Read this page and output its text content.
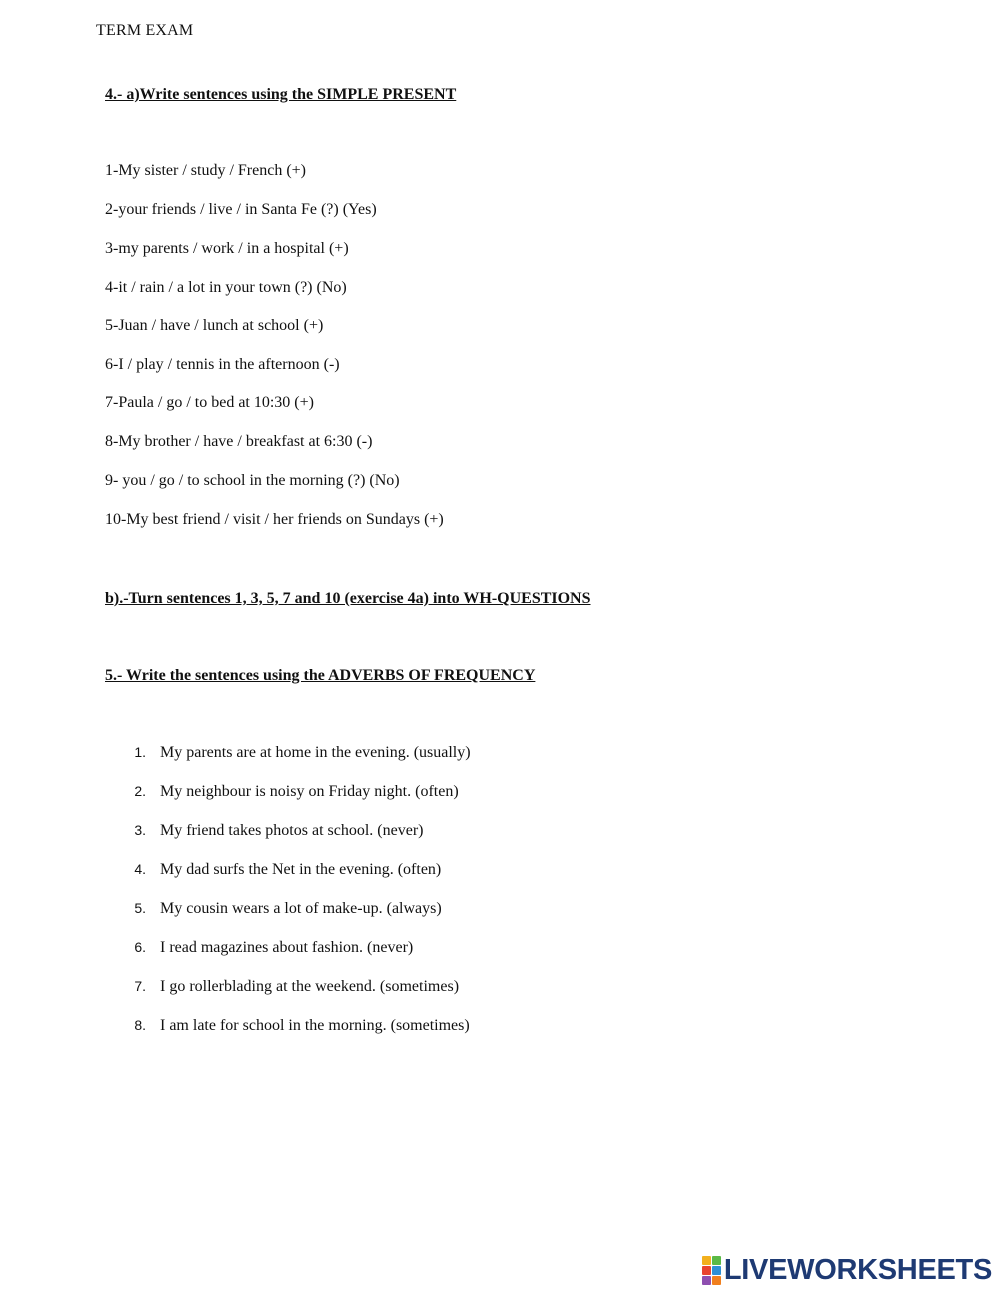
TERM EXAM
4.- a)Write sentences using the SIMPLE PRESENT
1-My sister / study / French (+)
2-your friends / live / in Santa Fe (?) (Yes)
3-my parents / work / in a hospital (+)
4-it / rain / a lot in your town (?) (No)
5-Juan / have / lunch at school (+)
6-I / play / tennis in the afternoon (-)
7-Paula / go / to bed at 10:30 (+)
8-My brother / have / breakfast at 6:30 (-)
9- you / go / to school in the morning (?) (No)
10-My best friend / visit / her friends on Sundays (+)
b).-Turn sentences 1, 3, 5, 7 and 10 (exercise 4a) into WH-QUESTIONS
5.- Write the sentences using the ADVERBS OF FREQUENCY
1. My parents are at home in the evening. (usually)
2. My neighbour is noisy on Friday night. (often)
3. My friend takes photos at school. (never)
4. My dad surfs the Net in the evening. (often)
5. My cousin wears a lot of make-up. (always)
6. I read magazines about fashion. (never)
7. I go rollerblading at the weekend. (sometimes)
8. I am late for school in the morning. (sometimes)
LIVEWORKSHEETS
